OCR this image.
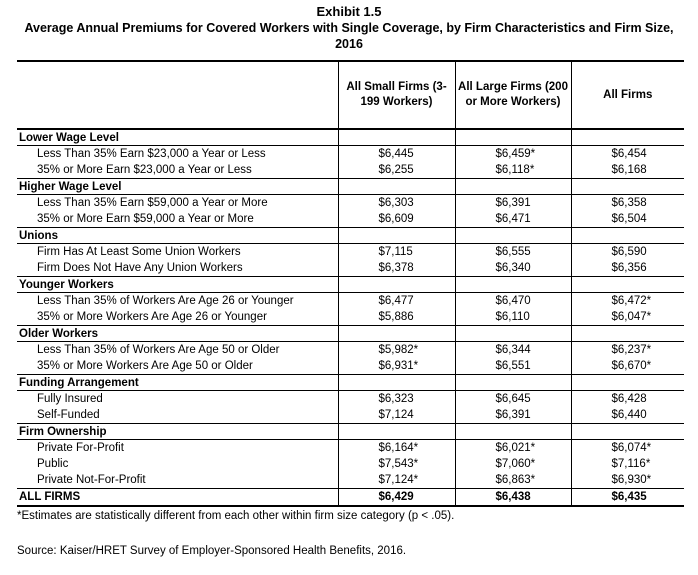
Exhibit 1.5
Average Annual Premiums for Covered Workers with Single Coverage, by Firm Characteristics and Firm Size, 2016
	All Small Firms (3-199 Workers)	All Large Firms (200 or More Workers)	All Firms
Lower Wage Level			
Less Than 35% Earn $23,000 a Year or Less	$6,445	$6,459*	$6,454

35% or More Earn $23,000 a Year or Less	$6,255	$6,118*	$6,168

Higher Wage Level			
Less Than 35% Earn $59,000 a Year or More	$6,303	$6,391	$6,358

35% or More Earn $59,000 a Year or More	$6,609	$6,471	$6,504

Unions			
Firm Has At Least Some Union Workers	$7,115	$6,555	$6,590

Firm Does Not Have Any Union Workers	$6,378	$6,340	$6,356

Younger Workers			
Less Than 35% of Workers Are Age 26 or Younger	$6,477	$6,470	$6,472*

35% or More Workers Are Age 26 or Younger	$5,886	$6,110	$6,047*

Older Workers			
Less Than 35% of Workers Are Age 50 or Older	$5,982*	$6,344	$6,237*

35% or More Workers Are Age 50 or Older	$6,931*	$6,551	$6,670*

Funding Arrangement			
Fully Insured	$6,323	$6,645	$6,428

Self-Funded	$7,124	$6,391	$6,440

Firm Ownership			
Private For-Profit	$6,164*	$6,021*	$6,074*

Public	$7,543*	$7,060*	$7,116*

Private Not-For-Profit	$7,124*	$6,863*	$6,930*

ALL FIRMS	$6,429	$6,438	$6,435
*Estimates are statistically different from each other within firm size category (p < .05).
Source: Kaiser/HRET Survey of Employer-Sponsored Health Benefits, 2016.
